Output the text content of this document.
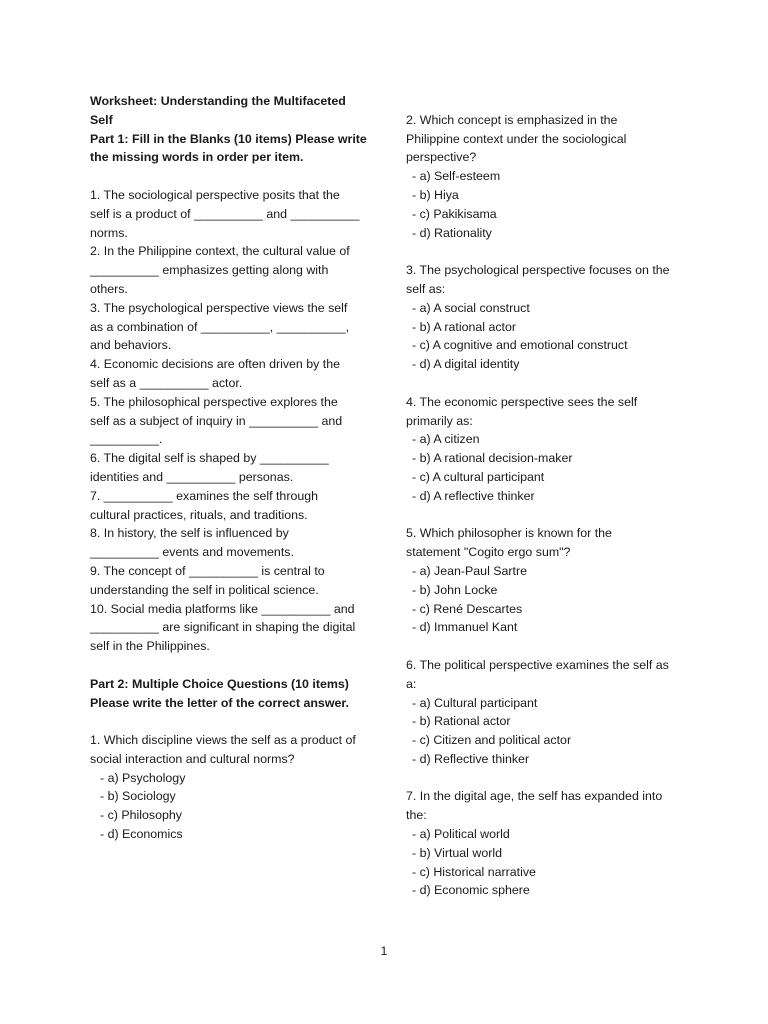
Worksheet: Understanding the Multifaceted
Self
Part 1: Fill in the Blanks (10 items) Please write
the missing words in order per item.
1. The sociological perspective posits that the
self is a product of __________ and __________
norms.
2. In the Philippine context, the cultural value of
__________ emphasizes getting along with
others.
3. The psychological perspective views the self
as a combination of __________, __________,
and behaviors.
4. Economic decisions are often driven by the
self as a __________ actor.
5. The philosophical perspective explores the
self as a subject of inquiry in __________ and
__________.
6. The digital self is shaped by __________
identities and __________ personas.
7. __________ examines the self through
cultural practices, rituals, and traditions.
8. In history, the self is influenced by
__________ events and movements.
9. The concept of __________ is central to
understanding the self in political science.
10. Social media platforms like __________ and
__________ are significant in shaping the digital
self in the Philippines.
Part 2: Multiple Choice Questions (10 items)
Please write the letter of the correct answer.
1. Which discipline views the self as a product of
social interaction and cultural norms?
- a) Psychology
- b) Sociology
- c) Philosophy
- d) Economics
2. Which concept is emphasized in the
Philippine context under the sociological
perspective?
- a) Self-esteem
- b) Hiya
- c) Pakikisama
- d) Rationality
3. The psychological perspective focuses on the
self as:
- a) A social construct
- b) A rational actor
- c) A cognitive and emotional construct
- d) A digital identity
4. The economic perspective sees the self
primarily as:
- a) A citizen
- b) A rational decision-maker
- c) A cultural participant
- d) A reflective thinker
5. Which philosopher is known for the
statement "Cogito ergo sum"?
- a) Jean-Paul Sartre
- b) John Locke
- c) René Descartes
- d) Immanuel Kant
6. The political perspective examines the self as
a:
- a) Cultural participant
- b) Rational actor
- c) Citizen and political actor
- d) Reflective thinker
7. In the digital age, the self has expanded into
the:
- a) Political world
- b) Virtual world
- c) Historical narrative
- d) Economic sphere
1
